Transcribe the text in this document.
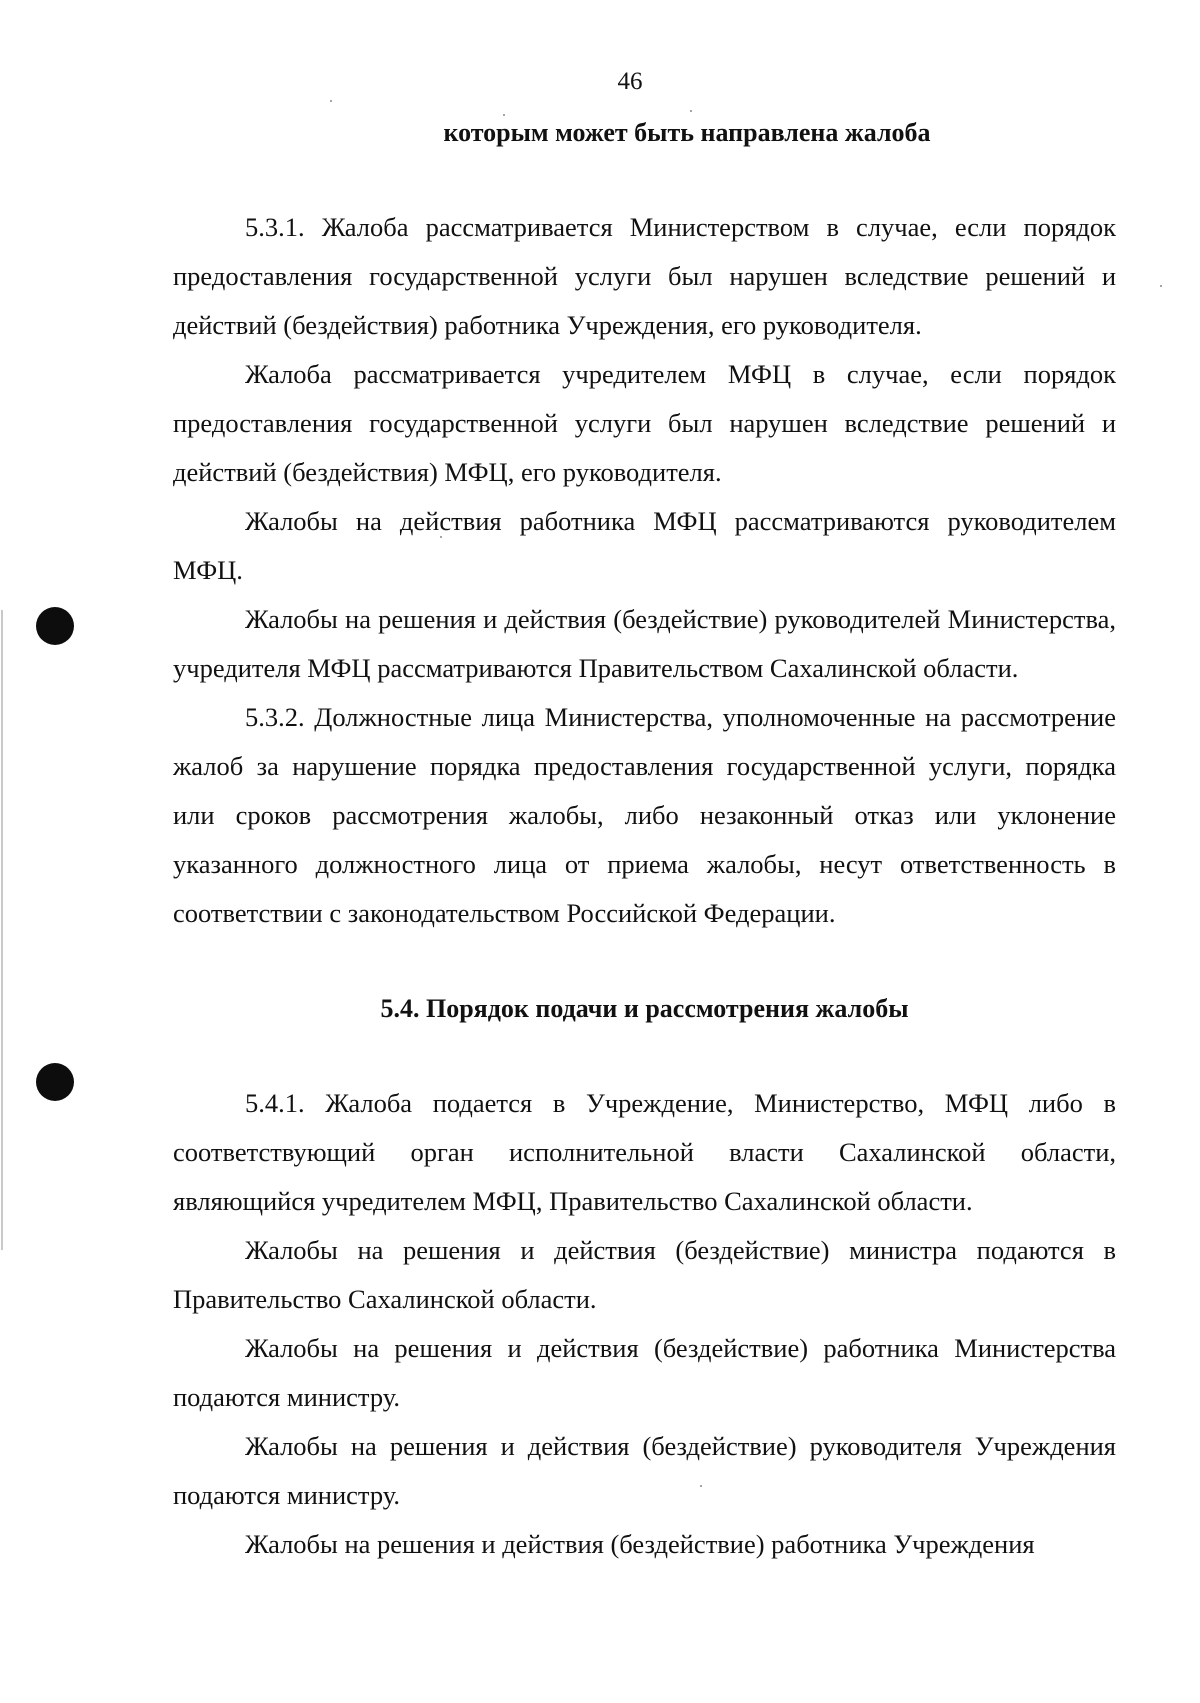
46

которым может быть направлена жалоба

5.3.1. Жалоба рассматривается Министерством в случае, если порядок предоставления государственной услуги был нарушен вследствие решений и действий (бездействия) работника Учреждения, его руководителя.

Жалоба рассматривается учредителем МФЦ в случае, если порядок предоставления государственной услуги был нарушен вследствие решений и действий (бездействия) МФЦ, его руководителя.

Жалобы на действия работника МФЦ рассматриваются руководителем МФЦ.

Жалобы на решения и действия (бездействие) руководителей Министерства, учредителя МФЦ рассматриваются Правительством Сахалинской области.

5.3.2. Должностные лица Министерства, уполномоченные на рассмотрение жалоб за нарушение порядка предоставления государственной услуги, порядка или сроков рассмотрения жалобы, либо незаконный отказ или уклонение указанного должностного лица от приема жалобы, несут ответственность в соответствии с законодательством Российской Федерации.

5.4. Порядок подачи и рассмотрения жалобы

5.4.1. Жалоба подается в Учреждение, Министерство, МФЦ либо в соответствующий орган исполнительной власти Сахалинской области, являющийся учредителем МФЦ, Правительство Сахалинской области.

Жалобы на решения и действия (бездействие) министра подаются в Правительство Сахалинской области.

Жалобы на решения и действия (бездействие) работника Министерства подаются министру.

Жалобы на решения и действия (бездействие) руководителя Учреждения подаются министру.

Жалобы на решения и действия (бездействие) работника Учреждения
